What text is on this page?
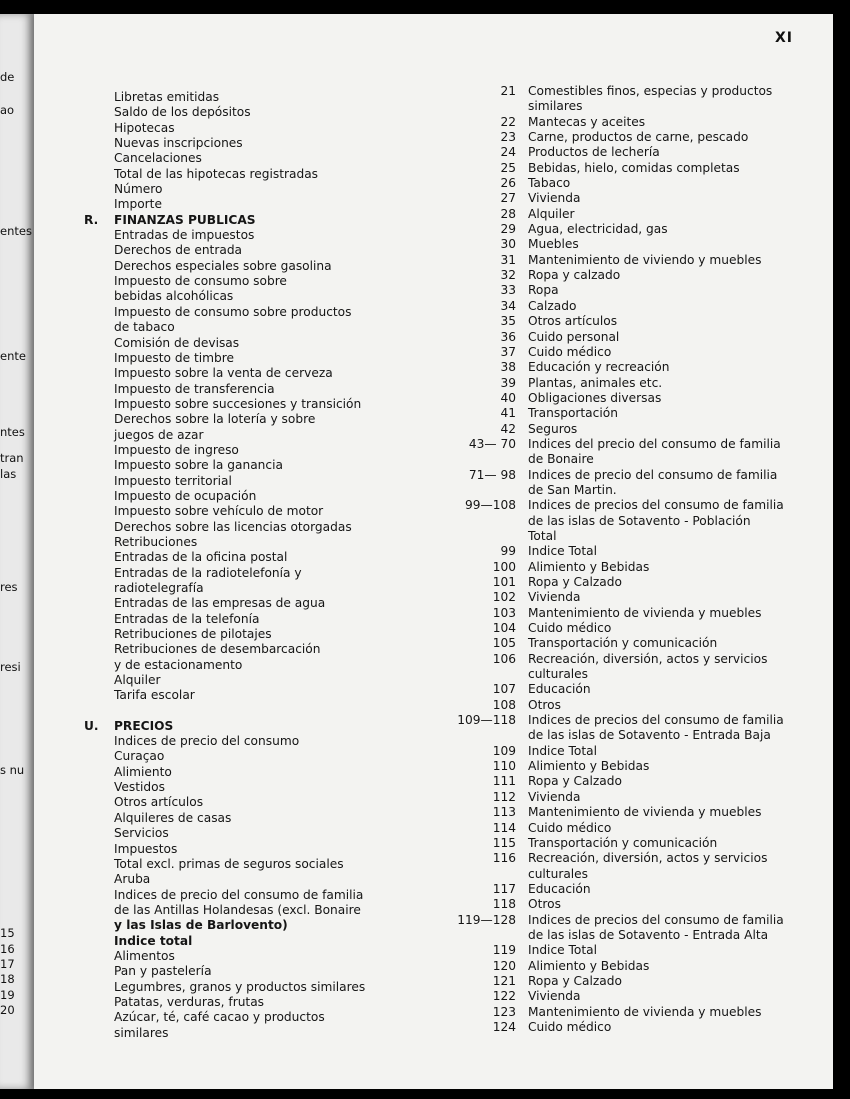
de
ao
entes
ente
ntes
tran
las
res
resi
s nu
15
16
17
18
19
20
XI
Libretas emitidas
Saldo de los depósitos
Hipotecas
Nuevas inscripciones
Cancelaciones
Total de las hipotecas registradas
Número
Importe
R.	FINANZAS PUBLICAS
Entradas de impuestos
Derechos de entrada
Derechos especiales sobre gasolina
Impuesto de consumo sobre
bebidas alcohólicas
Impuesto de consumo sobre productos
de tabaco
Comisión de devisas
Impuesto de timbre
Impuesto sobre la venta de cerveza
Impuesto de transferencia
Impuesto sobre succesiones y transición
Derechos sobre la lotería y sobre
juegos de azar
Impuesto de ingreso
Impuesto sobre la ganancia
Impuesto territorial
Impuesto de ocupación
Impuesto sobre vehículo de motor
Derechos sobre las licencias otorgadas
Retribuciones
Entradas de la oficina postal
Entradas de la radiotelefonía y
radiotelegrafía
Entradas de las empresas de agua
Entradas de la telefonía
Retribuciones de pilotajes
Retribuciones de desembarcación
y de estacionamento
Alquiler
Tarifa escolar
U.	PRECIOS
Indices de precio del consumo
Curaçao
Alimiento
Vestidos
Otros artículos
Alquileres de casas
Servicios
Impuestos
Total excl. primas de seguros sociales
Aruba
Indices de precio del consumo de familia
de las Antillas Holandesas (excl. Bonaire
y las Islas de Barlovento)
Indice total
Alimentos
Pan y pastelería
Legumbres, granos y productos similares
Patatas, verduras, frutas
Azúcar, té, café cacao y productos
similares
21 Comestibles finos, especias y productos
similares
22 Mantecas y aceites
23 Carne, productos de carne, pescado
24 Productos de lechería
25 Bebidas, hielo, comidas completas
26 Tabaco
27 Vivienda
28 Alquiler
29 Agua, electricidad, gas
30 Muebles
31 Mantenimiento de viviendo y muebles
32 Ropa y calzado
33 Ropa
34 Calzado
35 Otros artículos
36 Cuido personal
37 Cuido médico
38 Educación y recreación
39 Plantas, animales etc.
40 Obligaciones diversas
41 Transportación
42 Seguros
43— 70 Indices del precio del consumo de familia
de Bonaire
71— 98 Indices de precio del consumo de familia
de San Martin.
99—108 Indices de precios del consumo de familia
de las islas de Sotavento - Población
Total
99 Indice Total
100 Alimiento y Bebidas
101 Ropa y Calzado
102 Vivienda
103 Mantenimiento de vivienda y muebles
104 Cuido médico
105 Transportación y comunicación
106 Recreación, diversión, actos y servicios
culturales
107 Educación
108 Otros
109—118 Indices de precios del consumo de familia
de las islas de Sotavento - Entrada Baja
109 Indice Total
110 Alimiento y Bebidas
111 Ropa y Calzado
112 Vivienda
113 Mantenimiento de vivienda y muebles
114 Cuido médico
115 Transportación y comunicación
116 Recreación, diversión, actos y servicios
culturales
117 Educación
118 Otros
119—128 Indices de precios del consumo de familia
de las islas de Sotavento - Entrada Alta
119 Indice Total
120 Alimiento y Bebidas
121 Ropa y Calzado
122 Vivienda
123 Mantenimiento de vivienda y muebles
124 Cuido médico
